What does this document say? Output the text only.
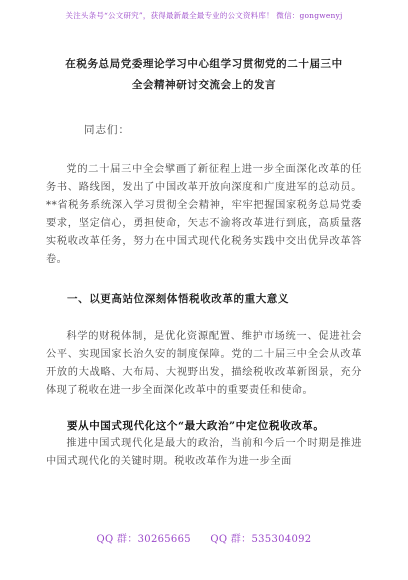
关注头条号“公文研究”，获得最新最全最专业的公文资料库！ 微信：gongwenyj
在税务总局党委理论学习中心组学习贯彻党的二十届三中
全会精神研讨交流会上的发言
同志们：
党的二十届三中全会擘画了新征程上进一步全面深化改革的任务书、路线图，发出了中国改革开放向深度和广度进军的总动员。**省税务系统深入学习贯彻全会精神，牢牢把握国家税务总局党委要求，坚定信心，勇担使命，矢志不渝将改革进行到底，高质量落实税收改革任务，努力在中国式现代化税务实践中交出优异改革答卷。
一、以更高站位深刻体悟税收改革的重大意义
科学的财税体制，是优化资源配置、维护市场统一、促进社会公平、实现国家长治久安的制度保障。党的二十届三中全会从改革开放的大战略、大布局、大视野出发，描绘税收改革新图景，充分体现了税收在进一步全面深化改革中的重要责任和使命。
要从中国式现代化这个“最大政治”中定位税收改革。
推进中国式现代化是最大的政治，当前和今后一个时期是推进中国式现代化的关键时期。税收改革作为进一步全面
QQ 群：30265665 QQ 群：535304092
